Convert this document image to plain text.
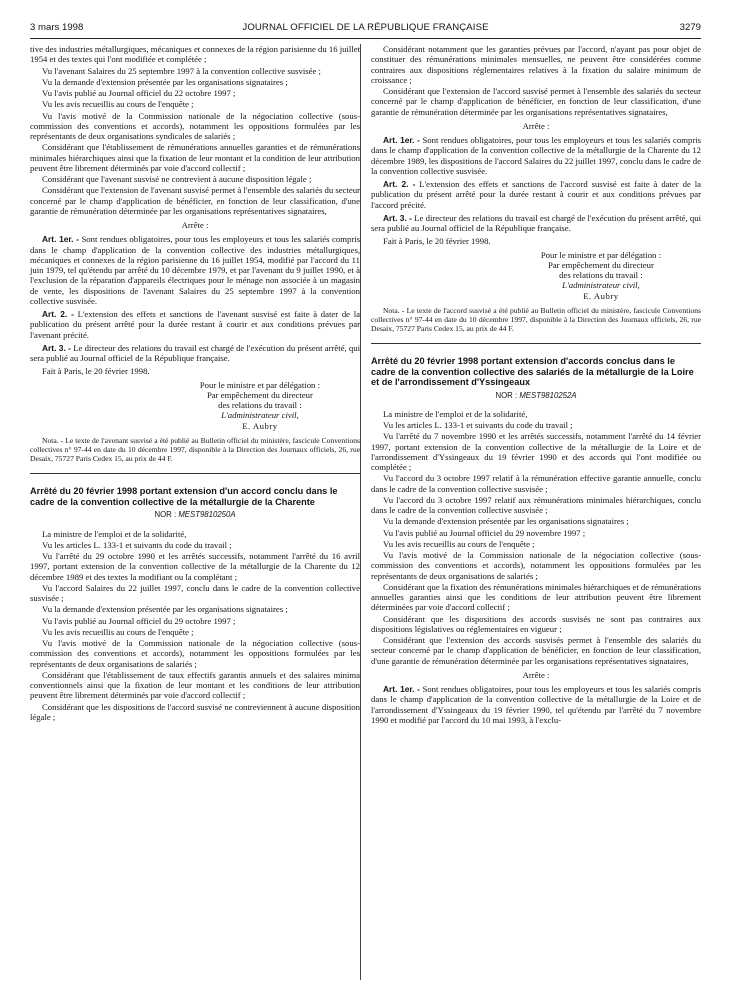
3 mars 1998	JOURNAL OFFICIEL DE LA RÉPUBLIQUE FRANÇAISE	3279

tive des industries métallurgiques, mécaniques et connexes de la région parisienne du 16 juillet 1954 et des textes qui l'ont modifiée et complétée ;

Vu l'avenant Salaires du 25 septembre 1997 à la convention collective susvisée ;

Vu la demande d'extension présentée par les organisations signataires ;

Vu l'avis publié au Journal officiel du 22 octobre 1997 ;

Vu les avis recueillis au cours de l'enquête ;

Vu l'avis motivé de la Commission nationale de la négociation collective (sous-commission des conventions et accords), notamment les oppositions formulées par les représentants de deux organisations syndicales de salariés ;

Considérant que l'établissement de rémunérations annuelles garanties et de rémunérations minimales hiérarchiques ainsi que la fixation de leur montant et la condition de leur attribution peuvent être librement déterminés par voie d'accord collectif ;

Considérant que l'avenant susvisé ne contrevient à aucune disposition légale ;

Considérant que l'extension de l'avenant susvisé permet à l'ensemble des salariés du secteur concerné par le champ d'application de bénéficier, en fonction de leur classification, d'une garantie de rémunération déterminée par les organisations représentatives signataires,

Arrête :

Art. 1er. - Sont rendues obligatoires, pour tous les employeurs et tous les salariés compris dans le champ d'application de la convention collective des industries métallurgiques, mécaniques et connexes de la région parisienne du 16 juillet 1954, modifié par l'accord du 11 juin 1979, tel qu'étendu par arrêté du 10 décembre 1979, et par l'avenant du 9 juillet 1990, et à l'exclusion de la réparation d'appareils électriques pour le ménage non associée à un magasin de vente, les dispositions de l'avenant Salaires du 25 septembre 1997 à la convention collective susvisée.

Art. 2. - L'extension des effets et sanctions de l'avenant susvisé est faite à dater de la publication du présent arrêté pour la durée restant à courir et aux conditions prévues par l'avenant précité.

Art. 3. - Le directeur des relations du travail est chargé de l'exécution du présent arrêté, qui sera publié au Journal officiel de la République française.

Fait à Paris, le 20 février 1998.

Pour le ministre et par délégation :
Par empêchement du directeur
des relations du travail :
L'administrateur civil,
E. Aubry

Nota. - Le texte de l'avenant susvisé a été publié au Bulletin officiel du ministère, fascicule Conventions collectives n° 97-44 en date du 10 décembre 1997, disponible à la Direction des Journaux officiels, 26, rue Desaix, 75727 Paris Cedex 15, au prix de 44 F.

Arrêté du 20 février 1998 portant extension d'un accord conclu dans le cadre de la convention collective de la métallurgie de la Charente

NOR : MEST9810250A

La ministre de l'emploi et de la solidarité,

Vu les articles L. 133-1 et suivants du code du travail ;

Vu l'arrêté du 29 octobre 1990 et les arrêtés successifs, notamment l'arrêté du 16 avril 1997, portant extension de la convention collective de la métallurgie de la Charente du 12 décembre 1989 et des textes la modifiant ou la complétant ;

Vu l'accord Salaires du 22 juillet 1997, conclu dans le cadre de la convention collective susvisée ;

Vu la demande d'extension présentée par les organisations signataires ;

Vu l'avis publié au Journal officiel du 29 octobre 1997 ;

Vu les avis recueillis au cours de l'enquête ;

Vu l'avis motivé de la Commission nationale de la négociation collective (sous-commission des conventions et accords), notamment les oppositions formulées par les représentants de deux organisations de salariés ;

Considérant que l'établissement de taux effectifs garantis annuels et des salaires minima conventionnels ainsi que la fixation de leur montant et les conditions de leur attribution peuvent être librement déterminés par voie d'accord collectif ;

Considérant que les dispositions de l'accord susvisé ne contreviennent à aucune disposition légale ;

Considérant notamment que les garanties prévues par l'accord, n'ayant pas pour objet de constituer des rémunérations minimales mensuelles, ne peuvent être considérées comme contraires aux dispositions réglementaires relatives à la fixation du salaire minimum de croissance ;

Considérant que l'extension de l'accord susvisé permet à l'ensemble des salariés du secteur concerné par le champ d'application de bénéficier, en fonction de leur classification, d'une garantie de rémunération déterminée par les organisations représentatives signataires,

Arrête :

Art. 1er. - Sont rendues obligatoires, pour tous les employeurs et tous les salariés compris dans le champ d'application de la convention collective de la métallurgie de la Charente du 12 décembre 1989, les dispositions de l'accord Salaires du 22 juillet 1997, conclu dans le cadre de la convention collective susvisée.

Art. 2. - L'extension des effets et sanctions de l'accord susvisé est faite à dater de la publication du présent arrêté pour la durée restant à courir et aux conditions prévues par l'accord précité.

Art. 3. - Le directeur des relations du travail est chargé de l'exécution du présent arrêté, qui sera publié au Journal officiel de la République française.

Fait à Paris, le 20 février 1998.

Pour le ministre et par délégation :
Par empêchement du directeur
des relations du travail :
L'administrateur civil,
E. Aubry

Nota. - Le texte de l'accord susvisé a été publié au Bulletin officiel du ministère, fascicule Conventions collectives n° 97-44 en date du 10 décembre 1997, disponible à la Direction des Journaux officiels, 26, rue Desaix, 75727 Paris Cedex 15, au prix de 44 F.

Arrêté du 20 février 1998 portant extension d'accords conclus dans le cadre de la convention collective des salariés de la métallurgie de la Loire et de l'arrondissement d'Yssingeaux

NOR : MEST9810252A

La ministre de l'emploi et de la solidarité,

Vu les articles L. 133-1 et suivants du code du travail ;

Vu l'arrêté du 7 novembre 1990 et les arrêtés successifs, notamment l'arrêté du 14 février 1997, portant extension de la convention collective de la métallurgie de la Loire et de l'arrondissement d'Yssingeaux du 19 février 1990 et des accords qui l'ont modifiée ou complétée ;

Vu l'accord du 3 octobre 1997 relatif à la rémunération effective garantie annuelle, conclu dans le cadre de la convention collective susvisée ;

Vu l'accord du 3 octobre 1997 relatif aux rémunérations minimales hiérarchiques, conclu dans le cadre de la convention collective susvisée ;

Vu la demande d'extension présentée par les organisations signataires ;

Vu l'avis publié au Journal officiel du 29 novembre 1997 ;

Vu les avis recueillis au cours de l'enquête ;

Vu l'avis motivé de la Commission nationale de la négociation collective (sous-commission des conventions et accords), notamment les oppositions formulées par les représentants de deux organisations de salariés ;

Considérant que la fixation des rémunérations minimales hiérarchiques et de rémunérations annuelles garanties ainsi que les conditions de leur attribution peuvent être librement déterminées par voie d'accord collectif ;

Considérant que les dispositions des accords susvisés ne sont pas contraires aux dispositions législatives ou réglementaires en vigueur ;

Considérant que l'extension des accords susvisés permet à l'ensemble des salariés du secteur concerné par le champ d'application de bénéficier, en fonction de leur classification, d'une garantie de rémunération déterminée par les organisations représentatives signataires,

Arrête :

Art. 1er. - Sont rendues obligatoires, pour tous les employeurs et tous les salariés compris dans le champ d'application de la convention collective de la métallurgie de la Loire et de l'arrondissement d'Yssingeaux du 19 février 1990, tel qu'étendu par l'arrêté du 7 novembre 1990 et modifié par l'accord du 10 mai 1993, à l'exclu-
